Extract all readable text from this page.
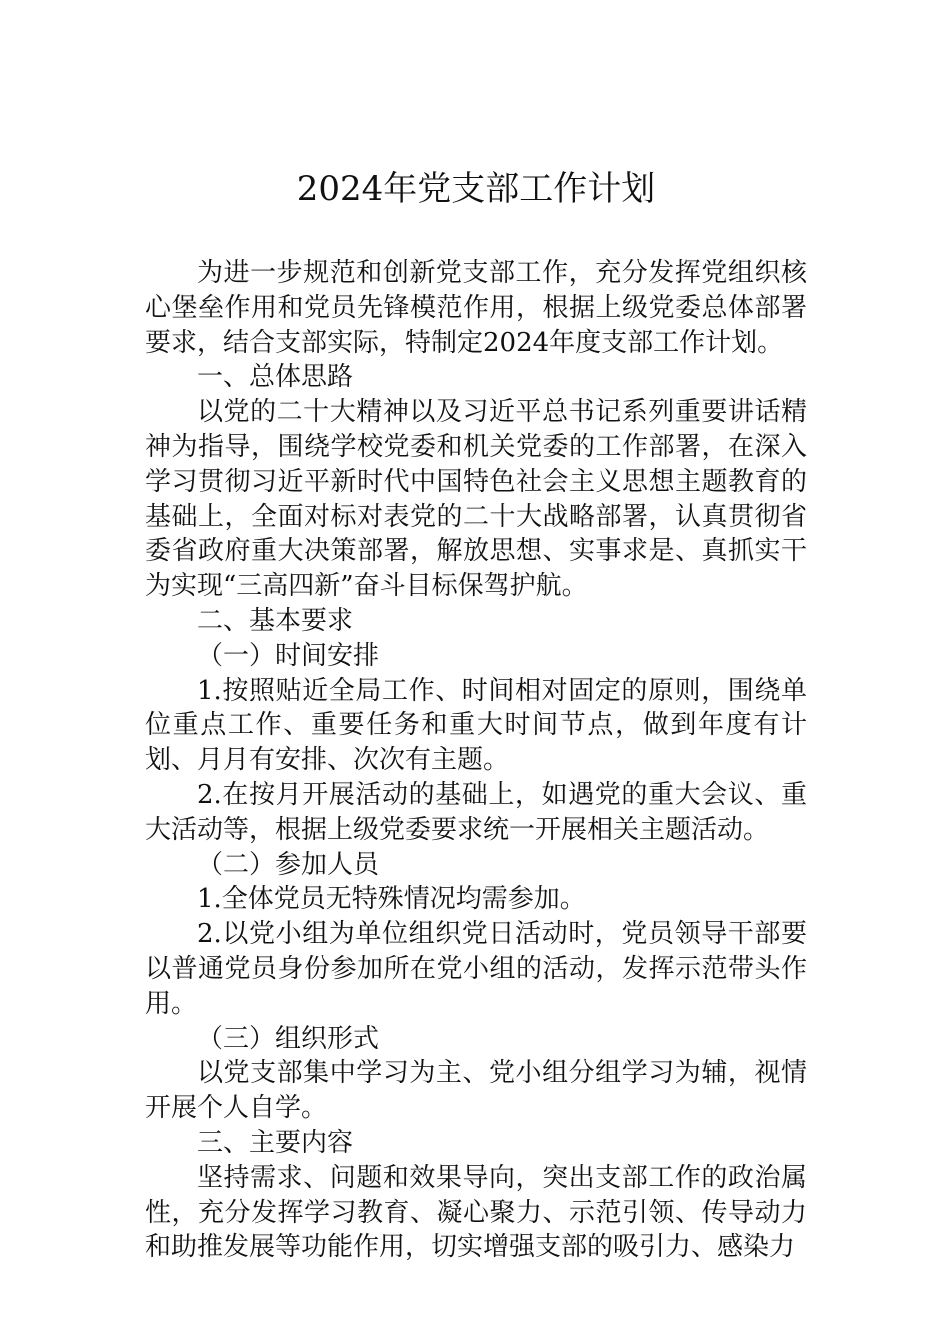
2024年党支部工作计划

为进一步规范和创新党支部工作，充分发挥党组织核心堡垒作用和党员先锋模范作用，根据上级党委总体部署要求，结合支部实际，特制定2024年度支部工作计划。

一、总体思路

以党的二十大精神以及习近平总书记系列重要讲话精神为指导，围绕学校党委和机关党委的工作部署，在深入学习贯彻习近平新时代中国特色社会主义思想主题教育的基础上，全面对标对表党的二十大战略部署，认真贯彻省委省政府重大决策部署，解放思想、实事求是、真抓实干为实现“三高四新”奋斗目标保驾护航。

二、基本要求

（一）时间安排

1.按照贴近全局工作、时间相对固定的原则，围绕单位重点工作、重要任务和重大时间节点，做到年度有计划、月月有安排、次次有主题。

2.在按月开展活动的基础上，如遇党的重大会议、重大活动等，根据上级党委要求统一开展相关主题活动。

（二）参加人员

1.全体党员无特殊情况均需参加。

2.以党小组为单位组织党日活动时，党员领导干部要以普通党员身份参加所在党小组的活动，发挥示范带头作用。

（三）组织形式

以党支部集中学习为主、党小组分组学习为辅，视情开展个人自学。

三、主要内容

坚持需求、问题和效果导向，突出支部工作的政治属性，充分发挥学习教育、凝心聚力、示范引领、传导动力和助推发展等功能作用，切实增强支部的吸引力、感染力
